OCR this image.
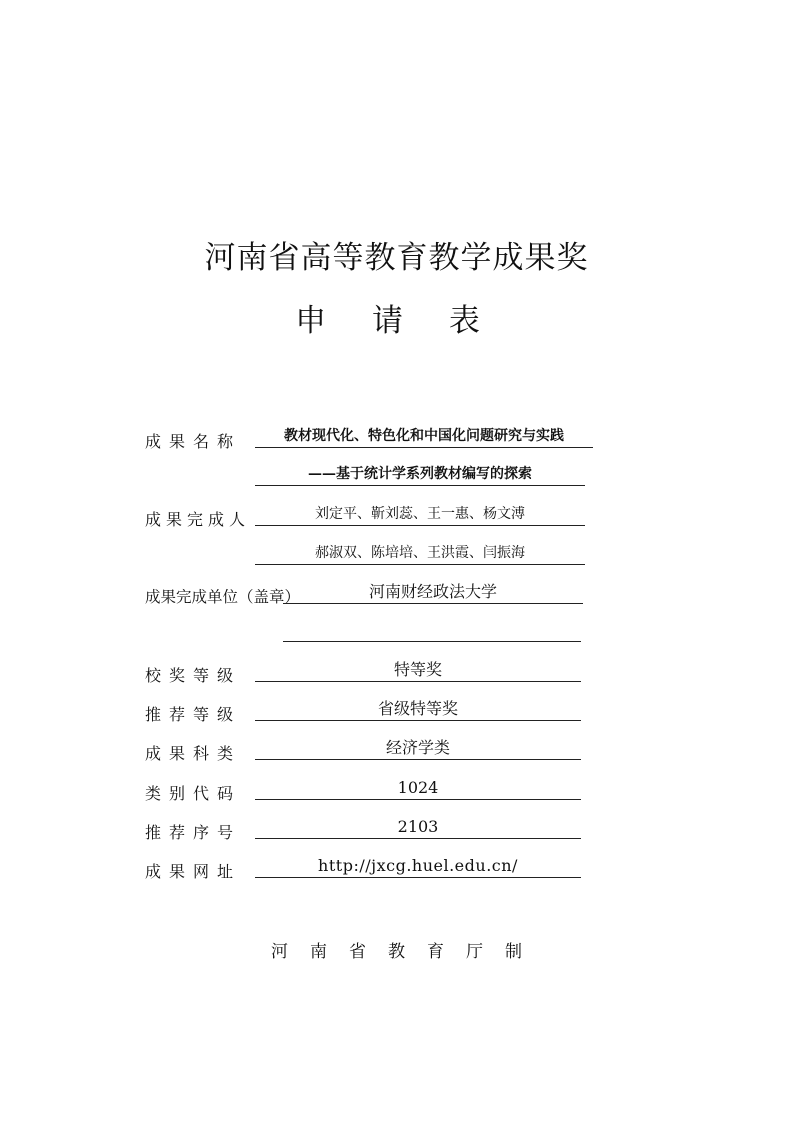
河南省高等教育教学成果奖
申 请 表
成果名称	教材现代化、特色化和中国化问题研究与实践
——基于统计学系列教材编写的探索
成果完成人	刘定平、靳刘蕊、王一惠、杨文溥
郝淑双、陈培培、王洪霞、闫振海
成果完成单位（盖章）	河南财经政法大学
校奖等级	特等奖
推荐等级	省级特等奖
成果科类	经济学类
类别代码	1024
推荐序号	2103
成果网址	http://jxcg.huel.edu.cn/
河南省教育厅制
